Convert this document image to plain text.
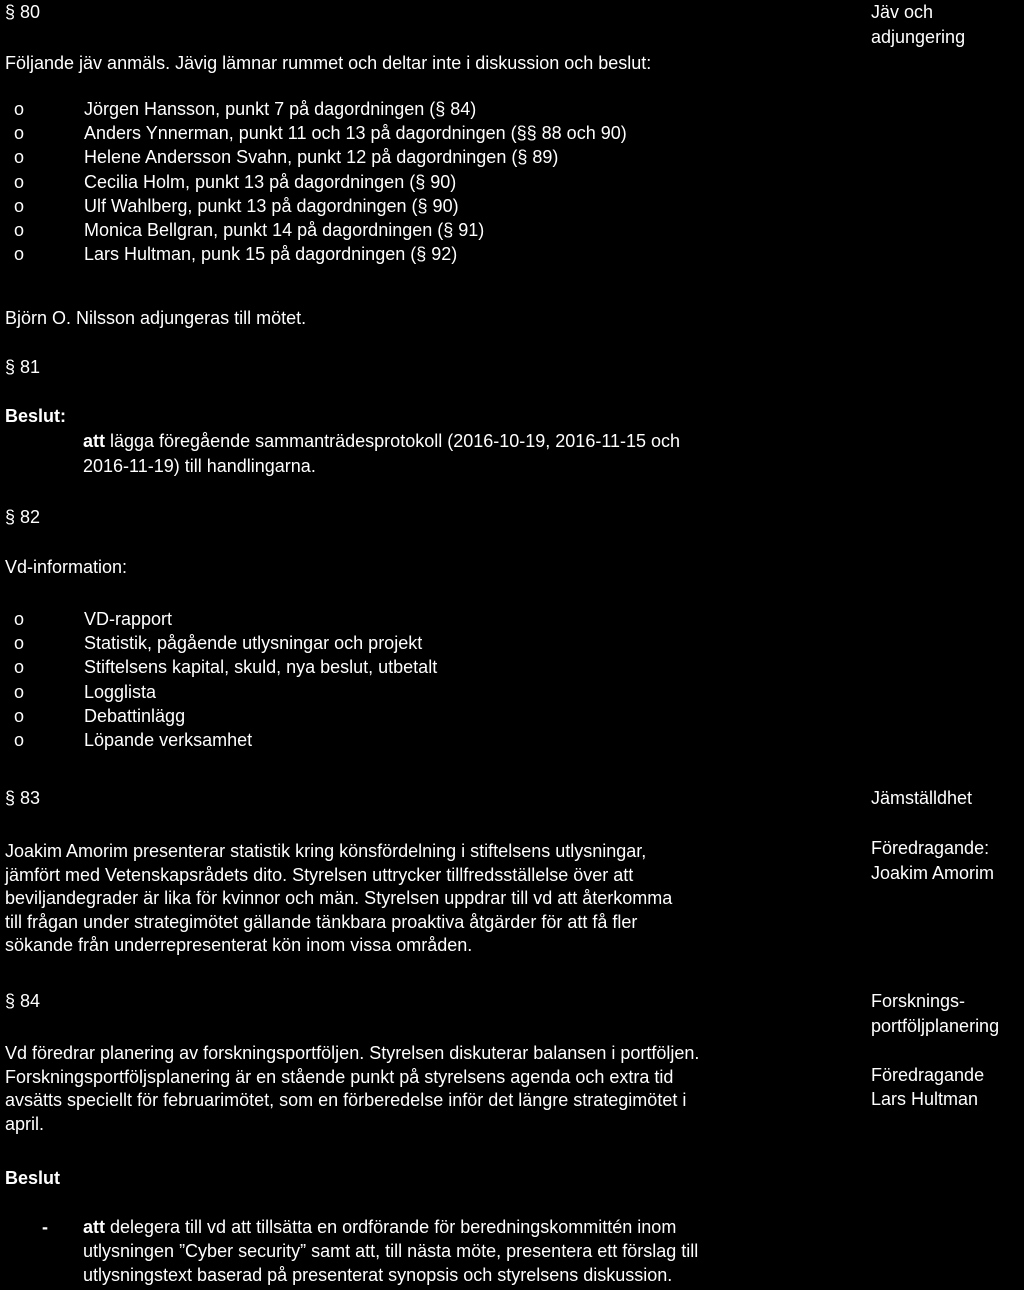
§ 80	Jäv och
adjungering
Följande jäv anmäls. Jävig lämnar rummet och deltar inte i diskussion och beslut:
o	Jörgen Hansson, punkt 7 på dagordningen (§ 84)
o	Anders Ynnerman, punkt 11 och 13 på dagordningen (§§ 88 och 90)
o	Helene Andersson Svahn, punkt 12 på dagordningen (§ 89)
o	Cecilia Holm, punkt 13 på dagordningen (§ 90)
o	Ulf Wahlberg, punkt 13 på dagordningen (§ 90)
o	Monica Bellgran, punkt 14 på dagordningen (§ 91)
o	Lars Hultman, punk 15 på dagordningen (§ 92)
Björn O. Nilsson adjungeras till mötet.
§ 81
Beslut:
att lägga föregående sammanträdesprotokoll (2016-10-19, 2016-11-15 och
2016-11-19) till handlingarna.
§ 82
Vd-information:
o	VD-rapport
o	Statistik, pågående utlysningar och projekt
o	Stiftelsens kapital, skuld, nya beslut, utbetalt
o	Logglista
o	Debattinlägg
o	Löpande verksamhet
§ 83	Jämställdhet
Föredragande:
Joakim Amorim
Joakim Amorim presenterar statistik kring könsfördelning i stiftelsens utlysningar,
jämfört med Vetenskapsrådets dito. Styrelsen uttrycker tillfredsställelse över att
beviljandegrader är lika för kvinnor och män. Styrelsen uppdrar till vd att återkomma
till frågan under strategimötet gällande tänkbara proaktiva åtgärder för att få fler
sökande från underrepresenterat kön inom vissa områden.
§ 84	Forsknings-
portföljplanering
Föredragande
Lars Hultman
Vd föredrar planering av forskningsportföljen. Styrelsen diskuterar balansen i portföljen.
Forskningsportföljsplanering är en stående punkt på styrelsens agenda och extra tid
avsätts speciellt för februarimötet, som en förberedelse inför det längre strategimötet i
april.
Beslut
- att delegera till vd att tillsätta en ordförande för beredningskommittén inom
utlysningen ”Cyber security” samt att, till nästa möte, presentera ett förslag till
utlysningstext baserad på presenterat synopsis och styrelsens diskussion.
